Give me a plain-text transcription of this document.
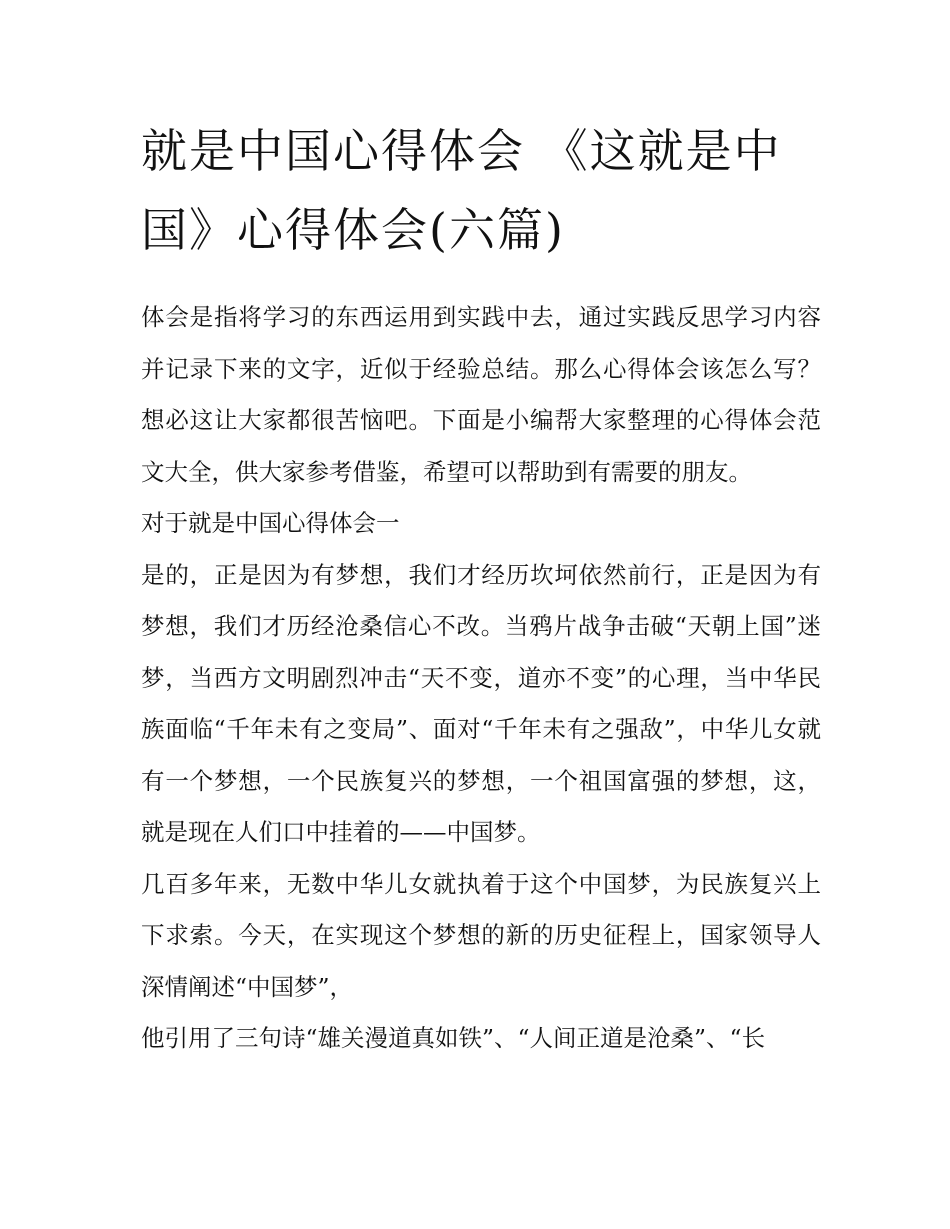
就是中国心得体会 《这就是中国》心得体会(六篇)

体会是指将学习的东西运用到实践中去，通过实践反思学习内容并记录下来的文字，近似于经验总结。那么心得体会该怎么写？想必这让大家都很苦恼吧。下面是小编帮大家整理的心得体会范文大全，供大家参考借鉴，希望可以帮助到有需要的朋友。

对于就是中国心得体会一

是的，正是因为有梦想，我们才经历坎坷依然前行，正是因为有梦想，我们才历经沧桑信心不改。当鸦片战争击破“天朝上国”迷梦，当西方文明剧烈冲击“天不变，道亦不变”的心理，当中华民族面临“千年未有之变局”、面对“千年未有之强敌”，中华儿女就有一个梦想，一个民族复兴的梦想，一个祖国富强的梦想，这，就是现在人们口中挂着的——中国梦。

几百多年来，无数中华儿女就执着于这个中国梦，为民族复兴上下求索。今天，在实现这个梦想的新的历史征程上，国家领导人深情阐述“中国梦”，

他引用了三句诗“雄关漫道真如铁”、“人间正道是沧桑”、“长
